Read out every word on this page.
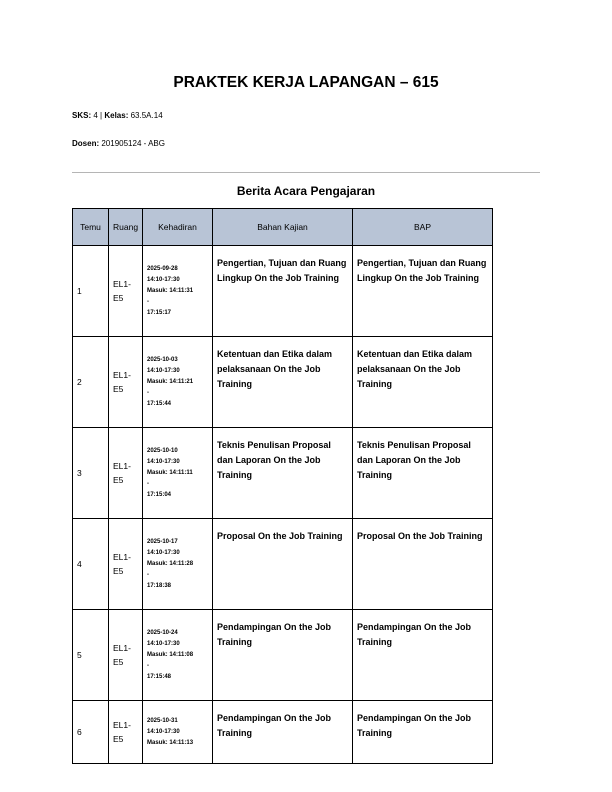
PRAKTEK KERJA LAPANGAN – 615
SKS: 4 | Kelas: 63.5A.14
Dosen: 201905124 - ABG
Berita Acara Pengajaran
Temu	Ruang	Kehadiran	Bahan Kajian	BAP
1	EL1-E5	2025-09-28
14:10-17:30
Masuk: 14:11:31
-
17:15:17	Pengertian, Tujuan dan Ruang Lingkup On the Job Training	Pengertian, Tujuan dan Ruang Lingkup On the Job Training
2	EL1-E5	2025-10-03
14:10-17:30
Masuk: 14:11:21
-
17:15:44	Ketentuan dan Etika dalam pelaksanaan On the Job Training	Ketentuan dan Etika dalam pelaksanaan On the Job Training
3	EL1-E5	2025-10-10
14:10-17:30
Masuk: 14:11:11
-
17:15:04	Teknis Penulisan Proposal dan Laporan On the Job Training	Teknis Penulisan Proposal dan Laporan On the Job Training
4	EL1-E5	2025-10-17
14:10-17:30
Masuk: 14:11:28
-
17:18:38	Proposal On the Job Training	Proposal On the Job Training
5	EL1-E5	2025-10-24
14:10-17:30
Masuk: 14:11:08
-
17:15:48	Pendampingan On the Job Training	Pendampingan On the Job Training
6	EL1-E5	2025-10-31
14:10-17:30
Masuk: 14:11:13	Pendampingan On the Job Training	Pendampingan On the Job Training
